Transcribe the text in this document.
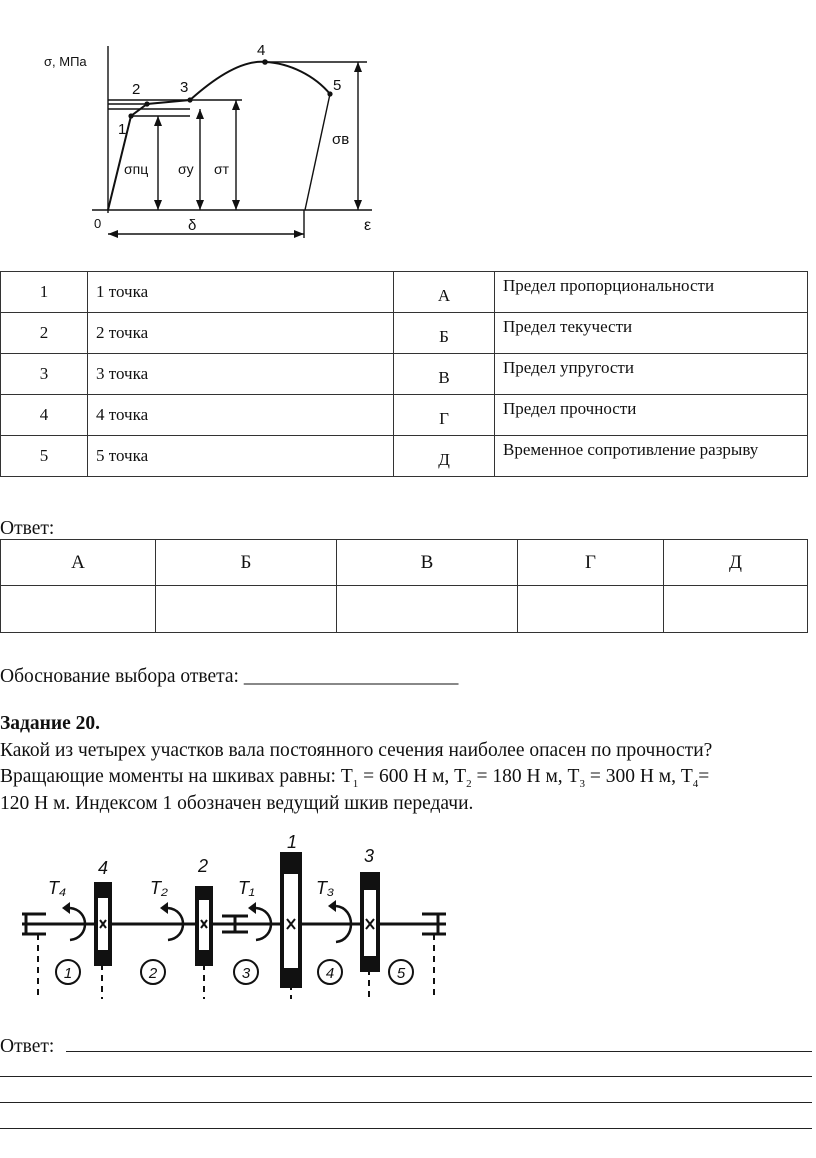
σ, МПа
ε
0
1
2	3
4
5
σпц σу σт
σв
δ
1	1 точка	А	Предел пропорциональности
2	2 точка	Б	Предел текучести
3	3 точка	В	Предел упругости
4	4 точка	Г	Предел прочности
5	5 точка	Д	Временное сопротивление разрыву
Ответ:
А	Б	В	Г	Д

Обоснование выбора ответа: ______________________
Задание 20.
Какой из четырех участков вала постоянного сечения наиболее опасен по прочности?
Вращающие моменты на шкивах равны: $Т_1 = 600$ Н м, $Т_2 = 180$ Н м, $Т_3 = 300$ Н м, $Т_4=$
120 Н м. Индексом 1 обозначен ведущий шкив передачи.
4	2
1
3
T₄	T₂	T₁	T₃
1	2	3	4	5
Ответ:
